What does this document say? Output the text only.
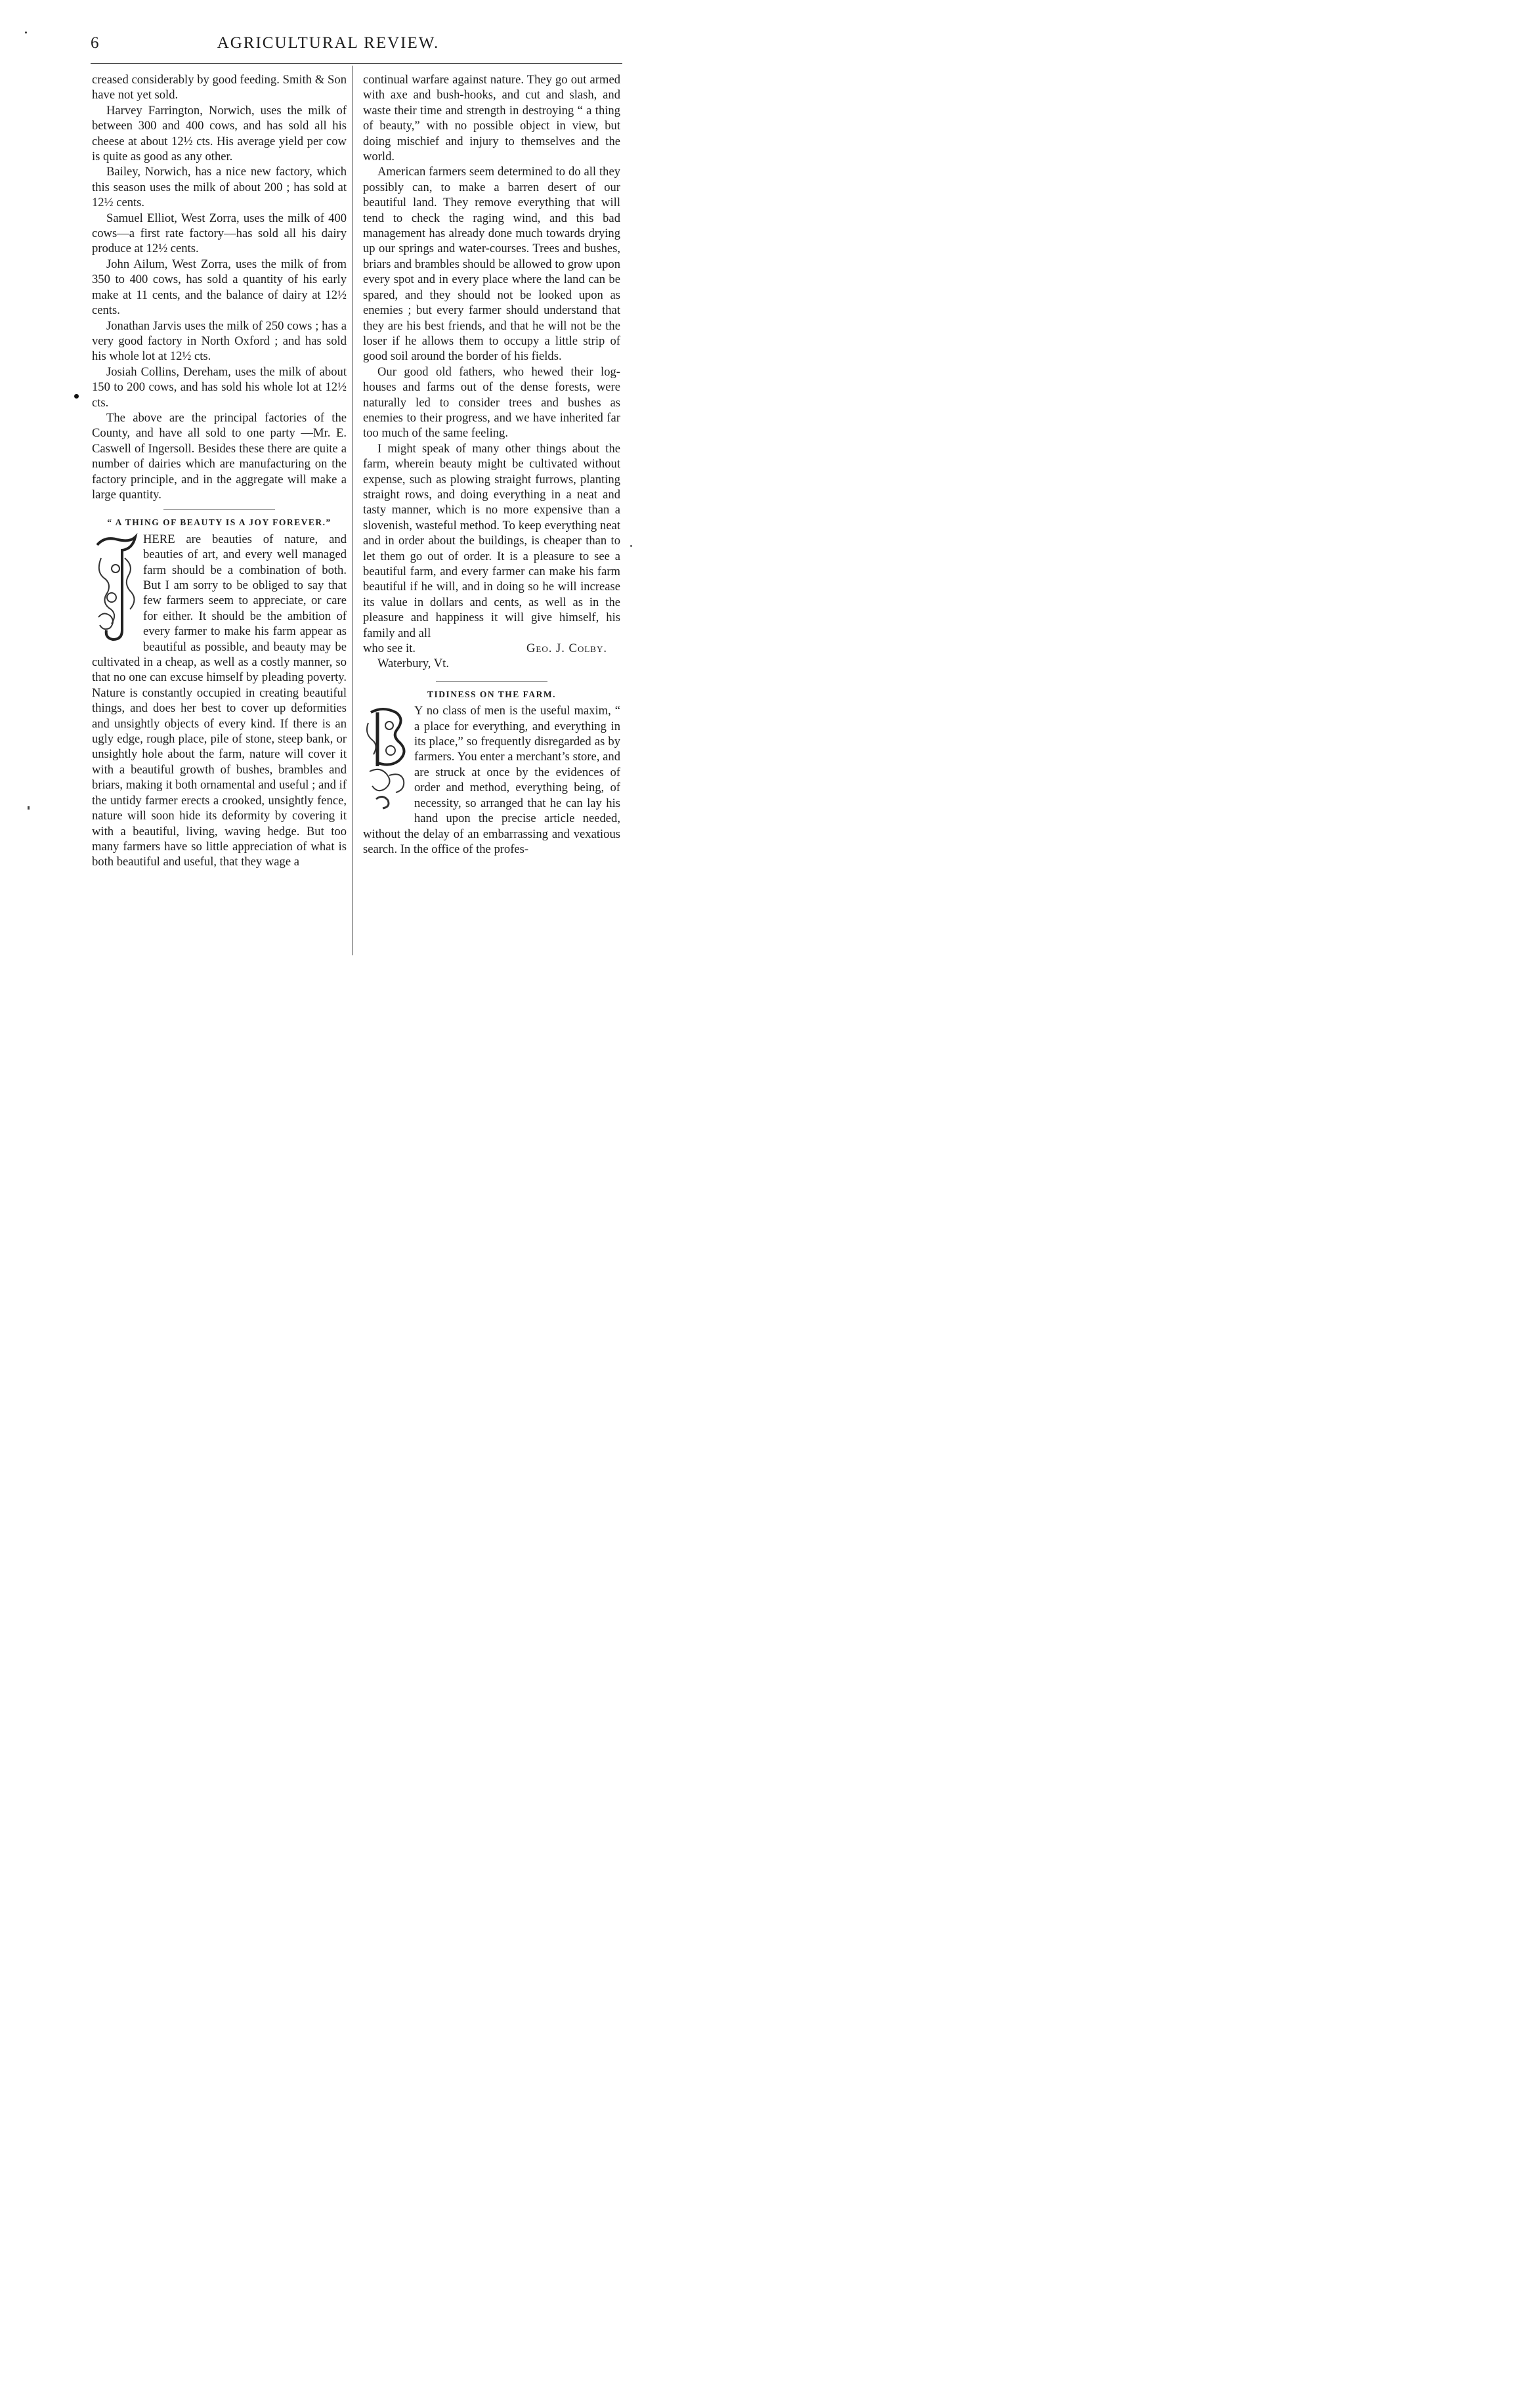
6	AGRICULTURAL REVIEW.

creased considerably by good feeding. Smith & Son have not yet sold.

Harvey Farrington, Norwich, uses the milk of between 300 and 400 cows, and has sold all his cheese at about 12½ cts. His average yield per cow is quite as good as any other.

Bailey, Norwich, has a nice new factory, which this season uses the milk of about 200 ; has sold at 12½ cents.

Samuel Elliot, West Zorra, uses the milk of 400 cows—a first rate factory—has sold all his dairy produce at 12½ cents.

John Ailum, West Zorra, uses the milk of from 350 to 400 cows, has sold a quantity of his early make at 11 cents, and the balance of dairy at 12½ cents.

Jonathan Jarvis uses the milk of 250 cows ; has a very good factory in North Oxford ; and has sold his whole lot at 12½ cts.

Josiah Collins, Dereham, uses the milk of about 150 to 200 cows, and has sold his whole lot at 12½ cts.

The above are the principal factories of the County, and have all sold to one party —Mr. E. Caswell of Ingersoll. Besides these there are quite a number of dairies which are manufacturing on the factory principle, and in the aggregate will make a large quantity.

“ A THING OF BEAUTY IS A JOY FOREVER.”

HERE are beauties of nature, and beauties of art, and every well managed farm should be a combination of both. But I am sorry to be obliged to say that few farmers seem to appreciate, or care for either. It should be the ambition of every farmer to make his farm appear as beautiful as possible, and beauty may be cultivated in a cheap, as well as a costly manner, so that no one can excuse himself by pleading poverty. Nature is constantly occupied in creating beautiful things, and does her best to cover up deformities and unsightly objects of every kind. If there is an ugly edge, rough place, pile of stone, steep bank, or unsightly hole about the farm, nature will cover it with a beautiful growth of bushes, brambles and briars, making it both ornamental and useful ; and if the untidy farmer erects a crooked, unsightly fence, nature will soon hide its deformity by covering it with a beautiful, living, waving hedge. But too many farmers have so little appreciation of what is both beautiful and useful, that they wage a

continual warfare against nature. They go out armed with axe and bush-hooks, and cut and slash, and waste their time and strength in destroying “ a thing of beauty,” with no possible object in view, but doing mischief and injury to themselves and the world.

American farmers seem determined to do all they possibly can, to make a barren desert of our beautiful land. They remove everything that will tend to check the raging wind, and this bad management has already done much towards drying up our springs and water-courses. Trees and bushes, briars and brambles should be allowed to grow upon every spot and in every place where the land can be spared, and they should not be looked upon as enemies ; but every farmer should understand that they are his best friends, and that he will not be the loser if he allows them to occupy a little strip of good soil around the border of his fields.

Our good old fathers, who hewed their log-houses and farms out of the dense forests, were naturally led to consider trees and bushes as enemies to their progress, and we have inherited far too much of the same feeling.

I might speak of many other things about the farm, wherein beauty might be cultivated without expense, such as plowing straight furrows, planting straight rows, and doing everything in a neat and tasty manner, which is no more expensive than a slovenish, wasteful method. To keep everything neat and in order about the buildings, is cheaper than to let them go out of order. It is a pleasure to see a beautiful farm, and every farmer can make his farm beautiful if he will, and in doing so he will increase its value in dollars and cents, as well as in the pleasure and happiness it will give himself, his family and all

who see it.	Geo. J. Colby.

Waterbury, Vt.

TIDINESS ON THE FARM.

Y no class of men is the useful maxim, “ a place for everything, and everything in its place,” so frequently disregarded as by farmers. You enter a merchant’s store, and are struck at once by the evidences of order and method, everything being, of necessity, so arranged that he can lay his hand upon the precise article needed, without the delay of an embarrassing and vexatious search. In the office of the profes-
